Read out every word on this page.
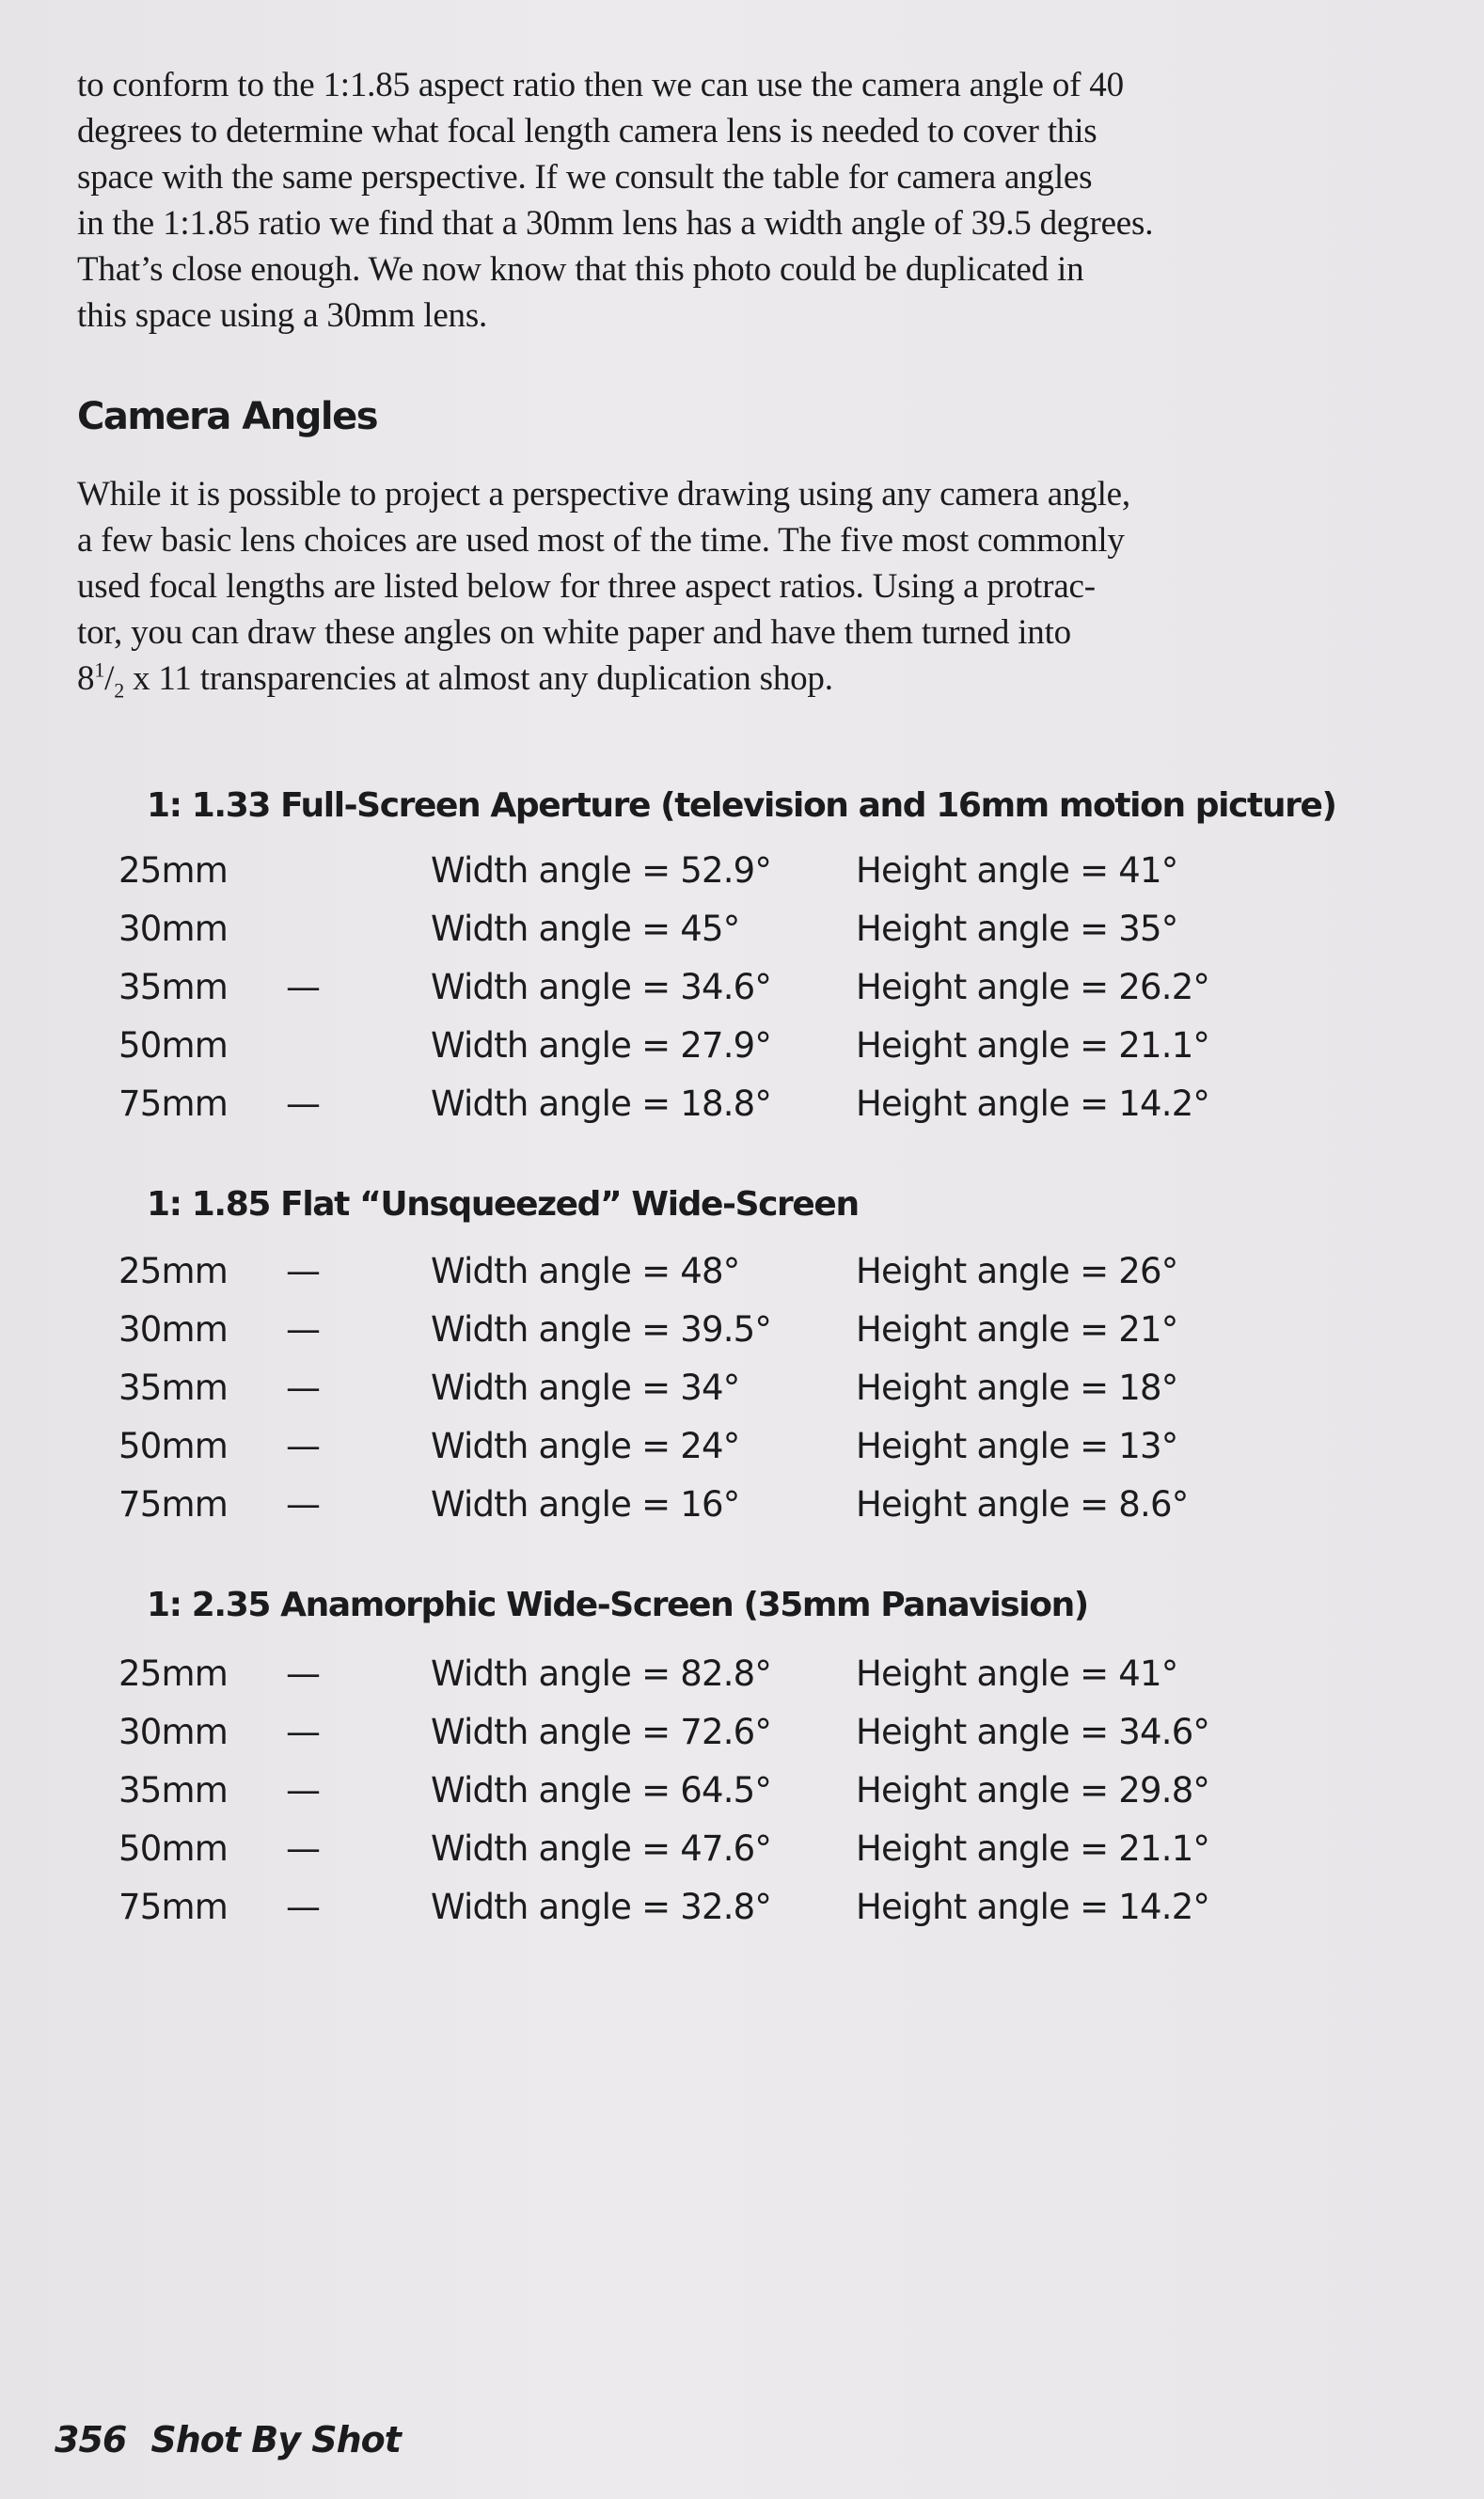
to conform to the 1:1.85 aspect ratio then we can use the camera angle of 40

degrees to determine what focal length camera lens is needed to cover this

space with the same perspective. If we consult the table for camera angles

in the 1:1.85 ratio we find that a 30mm lens has a width angle of 39.5 degrees.

That’s close enough. We now know that this photo could be duplicated in

this space using a 30mm lens.

Camera Angles

While it is possible to project a perspective drawing using any camera angle,

a few basic lens choices are used most of the time. The five most commonly

used focal lengths are listed below for three aspect ratios. Using a protrac-

tor, you can draw these angles on white paper and have them turned into

$8^1/_2$ x 11 transparencies at almost any duplication shop.

1: 1.33 Full-Screen Aperture (television and 16mm motion picture)
25mm	Width angle = 52.9° Height angle = 41°
30mm	Width angle = 45°	Height angle = 35°
35mm —	Width angle = 34.6° Height angle = 26.2°
50mm	Width angle = 27.9° Height angle = 21.1°
75mm —	Width angle = 18.8° Height angle = 14.2°
1: 1.85 Flat “Unsqueezed” Wide-Screen
25mm —	Width angle = 48°	Height angle = 26°
30mm —	Width angle = 39.5° Height angle = 21°
35mm —	Width angle = 34°	Height angle = 18°
50mm —	Width angle = 24°	Height angle = 13°
75mm —	Width angle = 16°	Height angle = 8.6°
1: 2.35 Anamorphic Wide-Screen (35mm Panavision)
25mm —	Width angle = 82.8° Height angle = 41°
30mm —	Width angle = 72.6° Height angle = 34.6°
35mm —	Width angle = 64.5° Height angle = 29.8°
50mm —	Width angle = 47.6° Height angle = 21.1°
75mm —	Width angle = 32.8° Height angle = 14.2°
356 Shot By Shot
